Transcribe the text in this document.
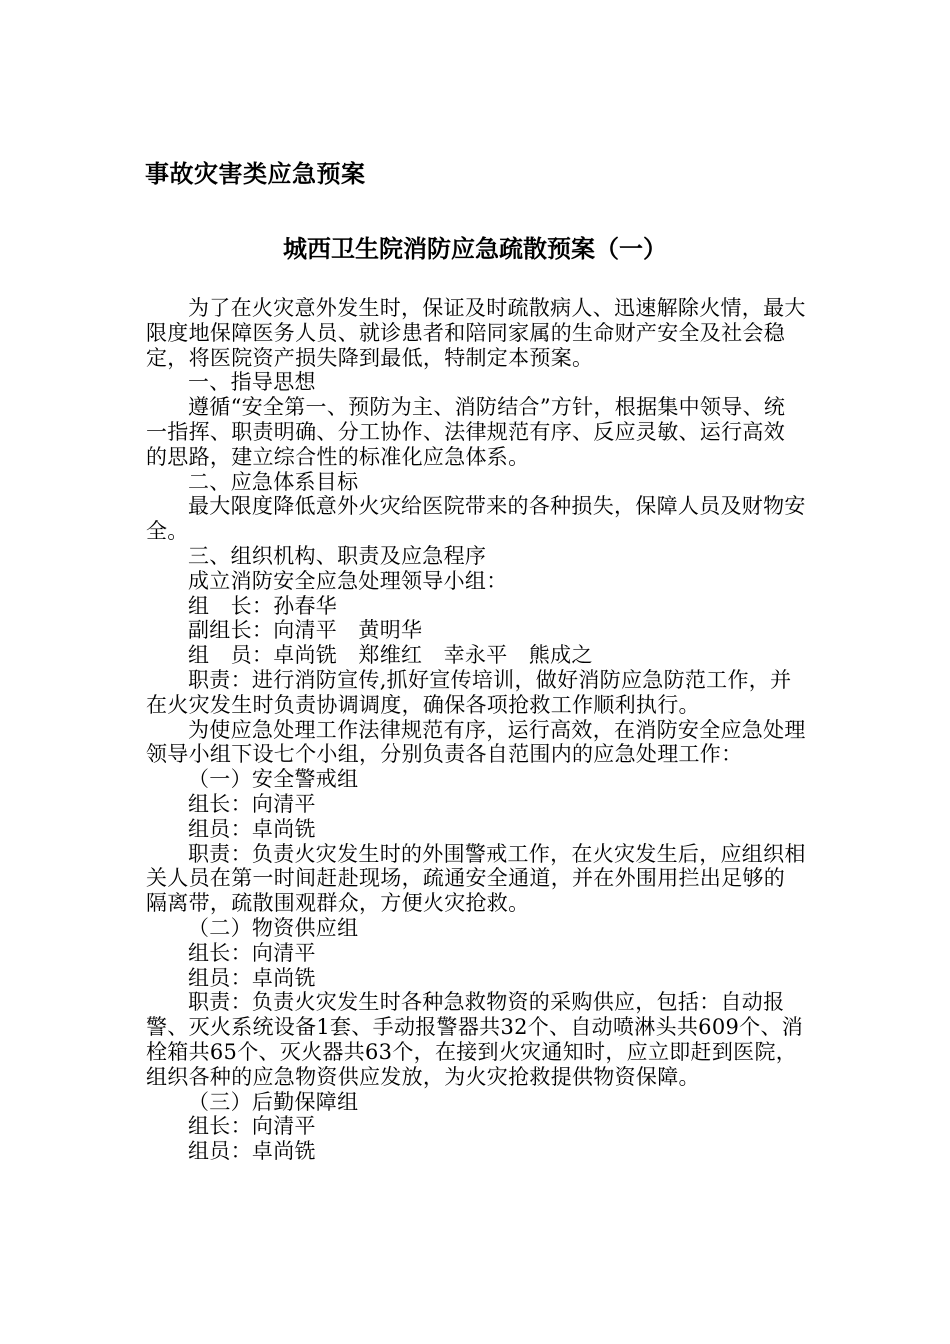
事故灾害类应急预案
城西卫生院消防应急疏散预案（一）

为了在火灾意外发生时，保证及时疏散病人、迅速解除火情，最大限度地保障医务人员、就诊患者和陪同家属的生命财产安全及社会稳定，将医院资产损失降到最低，特制定本预案。

一、指导思想

遵循“安全第一、预防为主、消防结合”方针，根据集中领导、统一指挥、职责明确、分工协作、法律规范有序、反应灵敏、运行高效的思路，建立综合性的标准化应急体系。

二、应急体系目标

最大限度降低意外火灾给医院带来的各种损失，保障人员及财物安全。

三、组织机构、职责及应急程序

成立消防安全应急处理领导小组：

组　长：孙春华

副组长：向清平　黄明华

组　员：卓尚铣　郑维红　幸永平　熊成之

职责：进行消防宣传,抓好宣传培训，做好消防应急防范工作，并在火灾发生时负责协调调度，确保各项抢救工作顺利执行。

为使应急处理工作法律规范有序，运行高效，在消防安全应急处理领导小组下设七个小组，分别负责各自范围内的应急处理工作：

（一）安全警戒组

组长：向清平

组员：卓尚铣

职责：负责火灾发生时的外围警戒工作，在火灾发生后，应组织相关人员在第一时间赶赴现场，疏通安全通道，并在外围用拦出足够的隔离带，疏散围观群众，方便火灾抢救。

（二）物资供应组

组长：向清平

组员：卓尚铣

职责：负责火灾发生时各种急救物资的采购供应，包括：自动报警、灭火系统设备1套、手动报警器共32个、自动喷淋头共609个、消栓箱共65个、灭火器共63个，在接到火灾通知时，应立即赶到医院，组织各种的应急物资供应发放，为火灾抢救提供物资保障。

（三）后勤保障组

组长：向清平

组员：卓尚铣
